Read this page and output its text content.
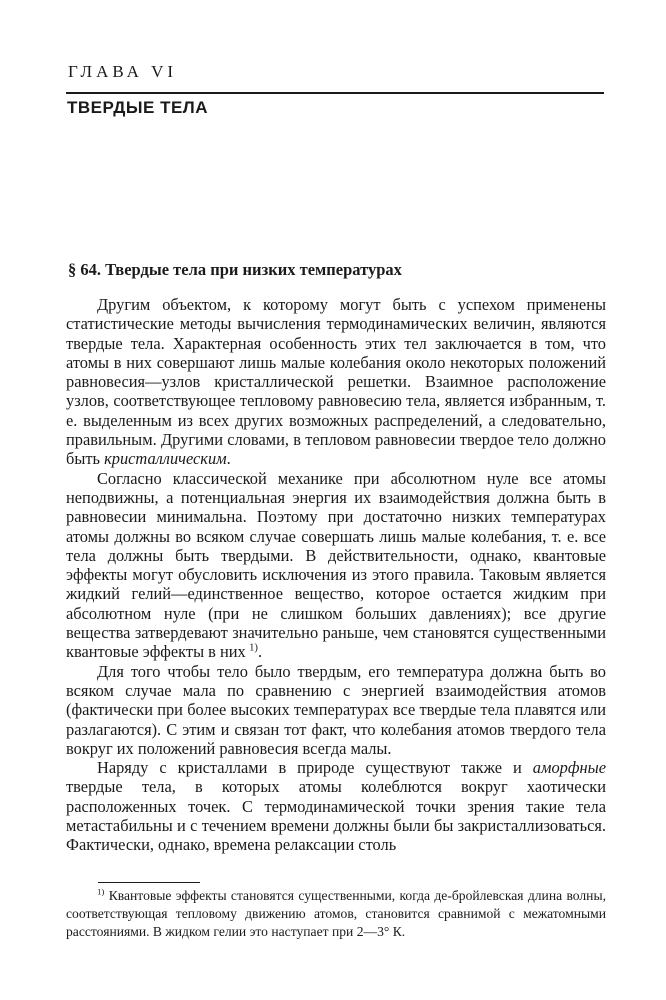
ГЛАВА VI
ТВЕРДЫЕ ТЕЛА
§ 64. Твердые тела при низких температурах

Другим объектом, к которому могут быть с успехом применены статистические методы вычисления термодинамических величин, являются твердые тела. Характерная особенность этих тел заключается в том, что атомы в них совершают лишь малые колебания около некоторых положений равновесия—узлов кристаллической решетки. Взаимное расположение узлов, соответствующее тепловому равновесию тела, является избранным, т. е. выделенным из всех других возможных распределений, а следовательно, правильным. Другими словами, в тепловом равновесии твердое тело должно быть кристаллическим.

Согласно классической механике при абсолютном нуле все атомы неподвижны, а потенциальная энергия их взаимодействия должна быть в равновесии минимальна. Поэтому при достаточно низких температурах атомы должны во всяком случае совершать лишь малые колебания, т. е. все тела должны быть твердыми. В действительности, однако, квантовые эффекты могут обусловить исключения из этого правила. Таковым является жидкий гелий—единственное вещество, которое остается жидким при абсолютном нуле (при не слишком больших давлениях); все другие вещества затвердевают значительно раньше, чем становятся существенными квантовые эффекты в них  $^{1)}$.

Для того чтобы тело было твердым, его температура должна быть во всяком случае мала по сравнению с энергией взаимодействия атомов (фактически при более высоких температурах все твердые тела плавятся или разлагаются). С этим и связан тот факт, что колебания атомов твердого тела вокруг их положений равновесия всегда малы.

Наряду с кристаллами в природе существуют также и аморфные твердые тела, в которых атомы колеблются вокруг хаотически расположенных точек. С термодинамической точки зрения такие тела метастабильны и с течением времени должны были бы закристаллизоваться. Фактически, однако, времена релаксации столь

$^{1)}$ Квантовые эффекты становятся существенными, когда де-бройлевская длина волны, соответствующая тепловому движению атомов, становится сравнимой с межатомными расстояниями. В жидком гелии это наступает при 2—3° К.
